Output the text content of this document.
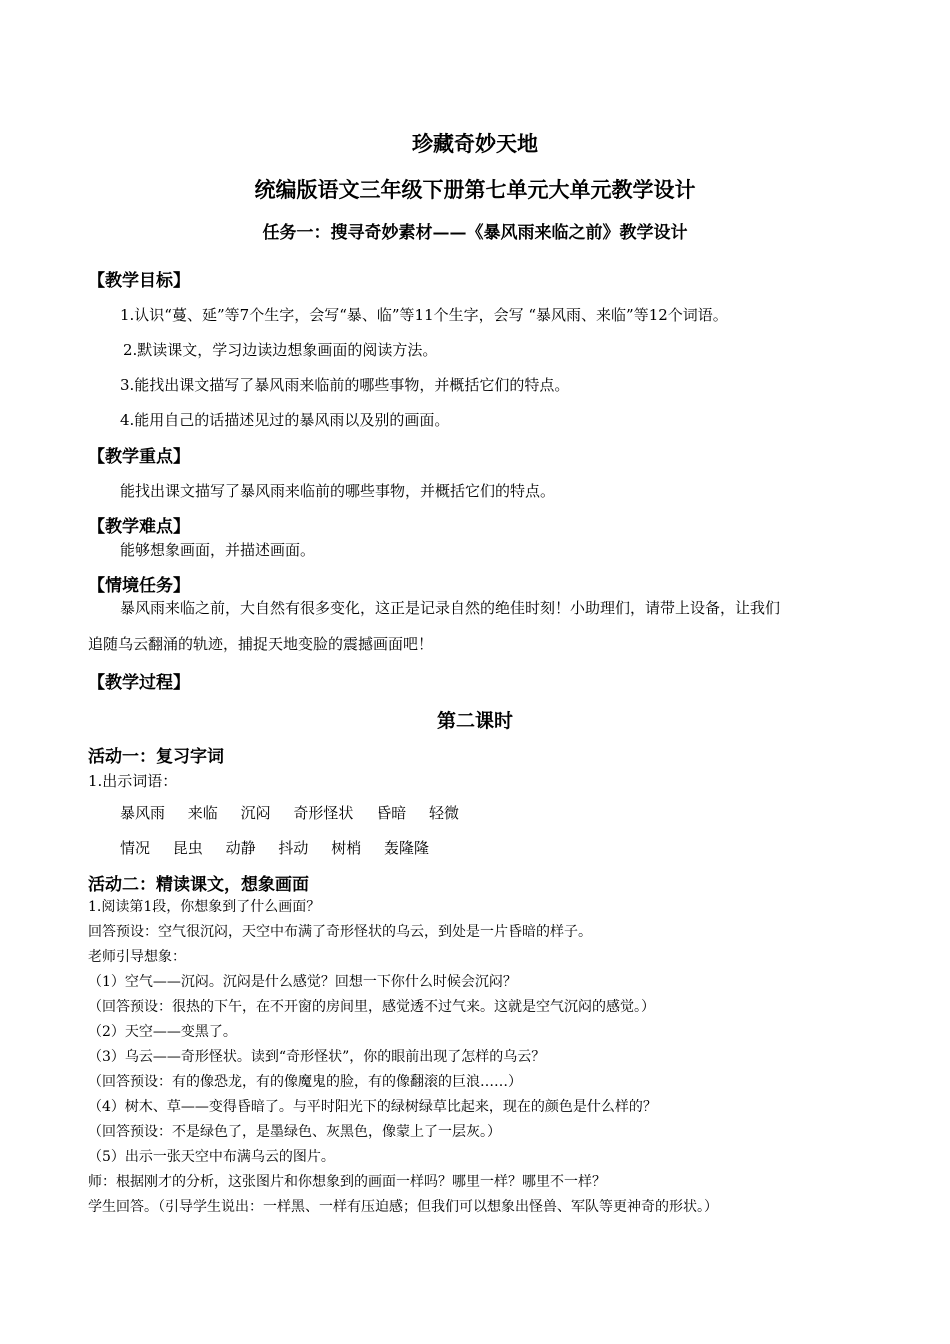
珍藏奇妙天地
统编版语文三年级下册第七单元大单元教学设计
任务一：搜寻奇妙素材——《暴风雨来临之前》教学设计
【教学目标】
1.认识“蔓、延”等7个生字，会写“暴、临”等11个生字，会写 “暴风雨、来临”等12个词语。
2.默读课文，学习边读边想象画面的阅读方法。
3.能找出课文描写了暴风雨来临前的哪些事物，并概括它们的特点。
4.能用自己的话描述见过的暴风雨以及别的画面。
【教学重点】
能找出课文描写了暴风雨来临前的哪些事物，并概括它们的特点。
【教学难点】
能够想象画面，并描述画面。
【情境任务】
暴风雨来临之前，大自然有很多变化，这正是记录自然的绝佳时刻！小助理们，请带上设备，让我们
追随乌云翻涌的轨迹，捕捉天地变脸的震撼画面吧！
【教学过程】
第二课时
活动一：复习字词
1.出示词语：
暴风雨 来临 沉闷 奇形怪状 昏暗 轻微
情况 昆虫 动静 抖动 树梢 轰隆隆
活动二：精读课文，想象画面
1.阅读第1段，你想象到了什么画面？
回答预设：空气很沉闷，天空中布满了奇形怪状的乌云，到处是一片昏暗的样子。
老师引导想象：
（1）空气——沉闷。沉闷是什么感觉？回想一下你什么时候会沉闷？
（回答预设：很热的下午，在不开窗的房间里，感觉透不过气来。这就是空气沉闷的感觉。）
（2）天空——变黑了。
（3）乌云——奇形怪状。读到“奇形怪状”，你的眼前出现了怎样的乌云？
（回答预设：有的像恐龙，有的像魔鬼的脸，有的像翻滚的巨浪……）
（4）树木、草——变得昏暗了。与平时阳光下的绿树绿草比起来，现在的颜色是什么样的？
（回答预设：不是绿色了，是墨绿色、灰黑色，像蒙上了一层灰。）
（5）出示一张天空中布满乌云的图片。
师：根据刚才的分析，这张图片和你想象到的画面一样吗？哪里一样？哪里不一样？
学生回答。（引导学生说出：一样黑、一样有压迫感；但我们可以想象出怪兽、军队等更神奇的形状。）
